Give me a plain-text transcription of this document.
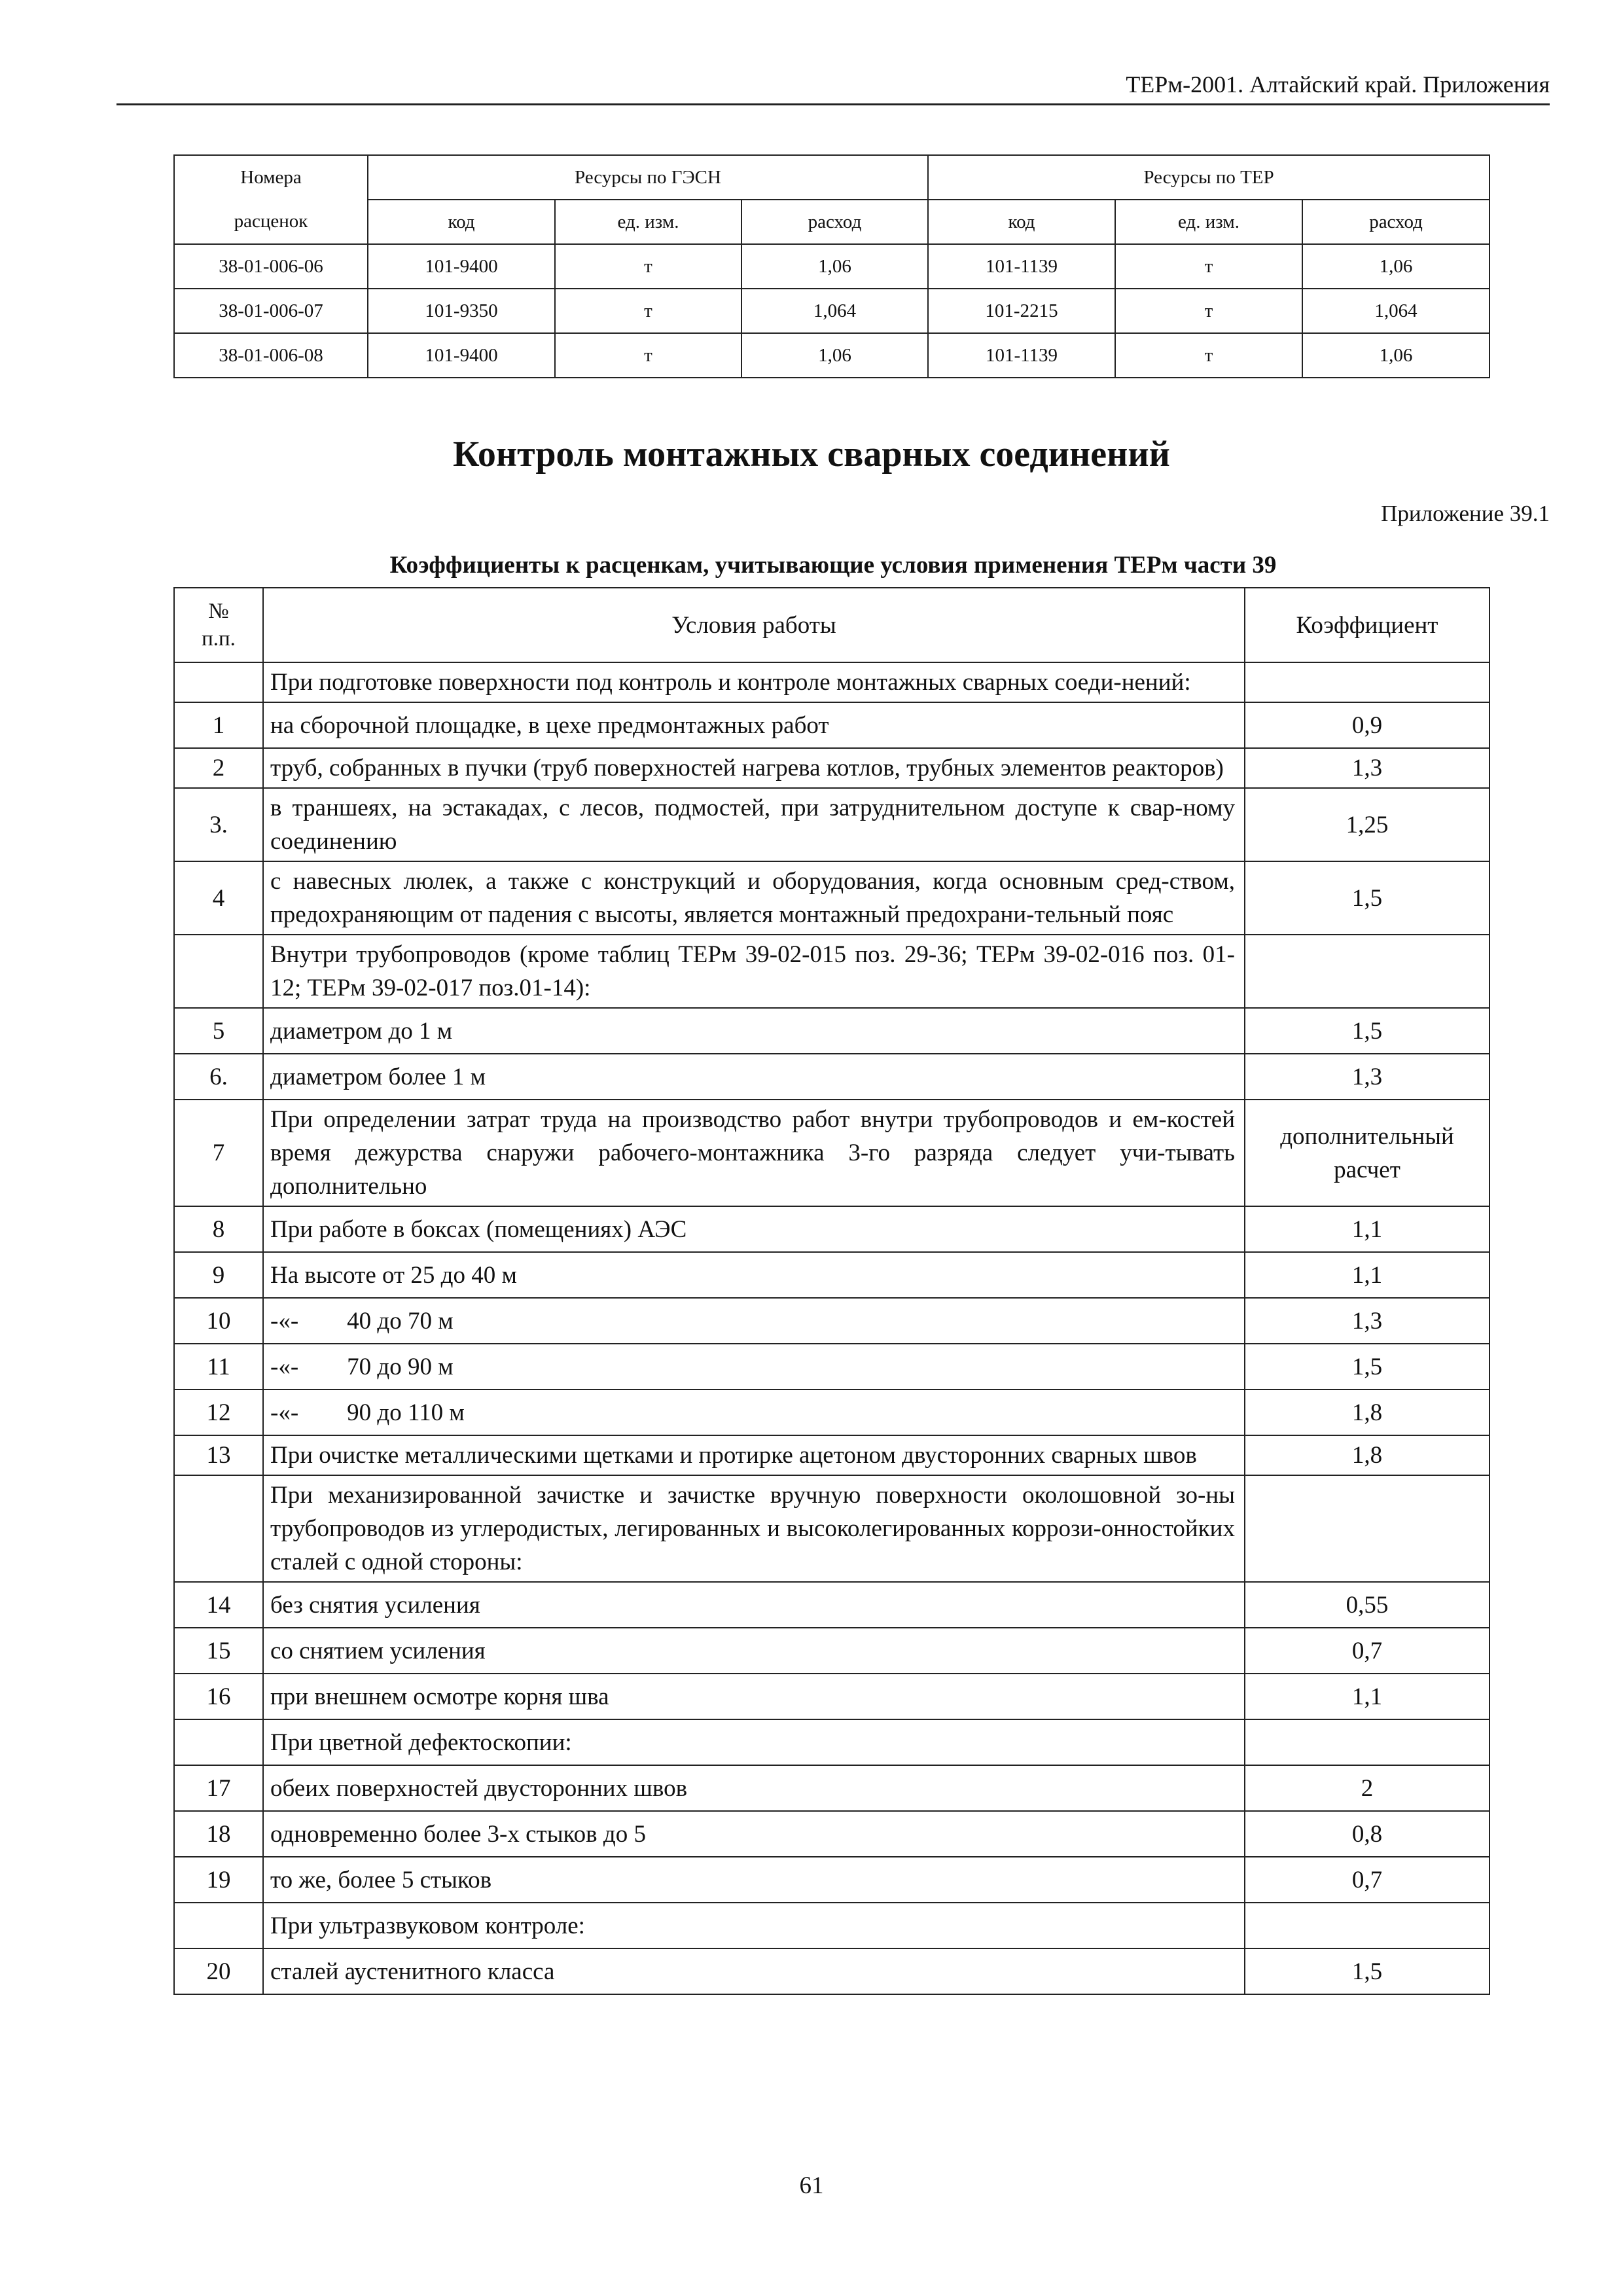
ТЕРм-2001. Алтайский край. Приложения
Номера	Ресурсы по ГЭСН			Ресурсы по ТЕР		
расценок	код	ед. изм.	расход	код	ед. изм.	расход
38-01-006-06	101-9400	т	1,06	101-1139	т	1,06
38-01-006-07	101-9350	т	1,064	101-2215	т	1,064
38-01-006-08	101-9400	т	1,06	101-1139	т	1,06
Контроль монтажных сварных соединений
Приложение 39.1
Коэффициенты к расценкам, учитывающие условия применения ТЕРм части 39
№
п.п.	Условия работы	Коэффициент
	При подготовке поверхности под контроль и контроле монтажных сварных соеди-нений:	
1	на сборочной площадке, в цехе предмонтажных работ	0,9
2	труб, собранных в пучки (труб поверхностей нагрева котлов, трубных элементов реакторов)	1,3
3.	в траншеях, на эстакадах, с лесов, подмостей, при затруднительном доступе к свар-ному соединению	1,25
4	с навесных люлек, а также с конструкций и оборудования, когда основным сред-ством, предохраняющим от падения с высоты, является монтажный предохрани-тельный пояс	1,5
	Внутри трубопроводов (кроме таблиц ТЕРм 39-02-015 поз. 29-36; ТЕРм 39-02-016 поз. 01-12; ТЕРм 39-02-017 поз.01-14):	
5	диаметром до 1 м	1,5
6.	диаметром более 1 м	1,3
7	При определении затрат труда на производство работ внутри трубопроводов и ем-костей время дежурства снаружи рабочего-монтажника 3-го разряда следует учи-тывать дополнительно	дополнительный расчет
8	При работе в боксах (помещениях) АЭС	1,1
9	На высоте от 25 до 40 м	1,1
10	-«-        40 до 70 м	1,3
11	-«-        70 до 90 м	1,5
12	-«-        90 до 110 м	1,8
13	При очистке металлическими щетками и протирке ацетоном двусторонних сварных швов	1,8
	При механизированной зачистке и зачистке вручную поверхности околошовной зо-ны трубопроводов из углеродистых, легированных и высоколегированных коррози-онностойких сталей с одной стороны:	
14	без снятия усиления	0,55
15	со снятием усиления	0,7
16	при внешнем осмотре корня шва	1,1
	При цветной дефектоскопии:	
17	обеих поверхностей двусторонних швов	2
18	одновременно более 3-х стыков до 5	0,8
19	то же, более 5 стыков	0,7
	При ультразвуковом контроле:	
20	сталей аустенитного класса	1,5
61
